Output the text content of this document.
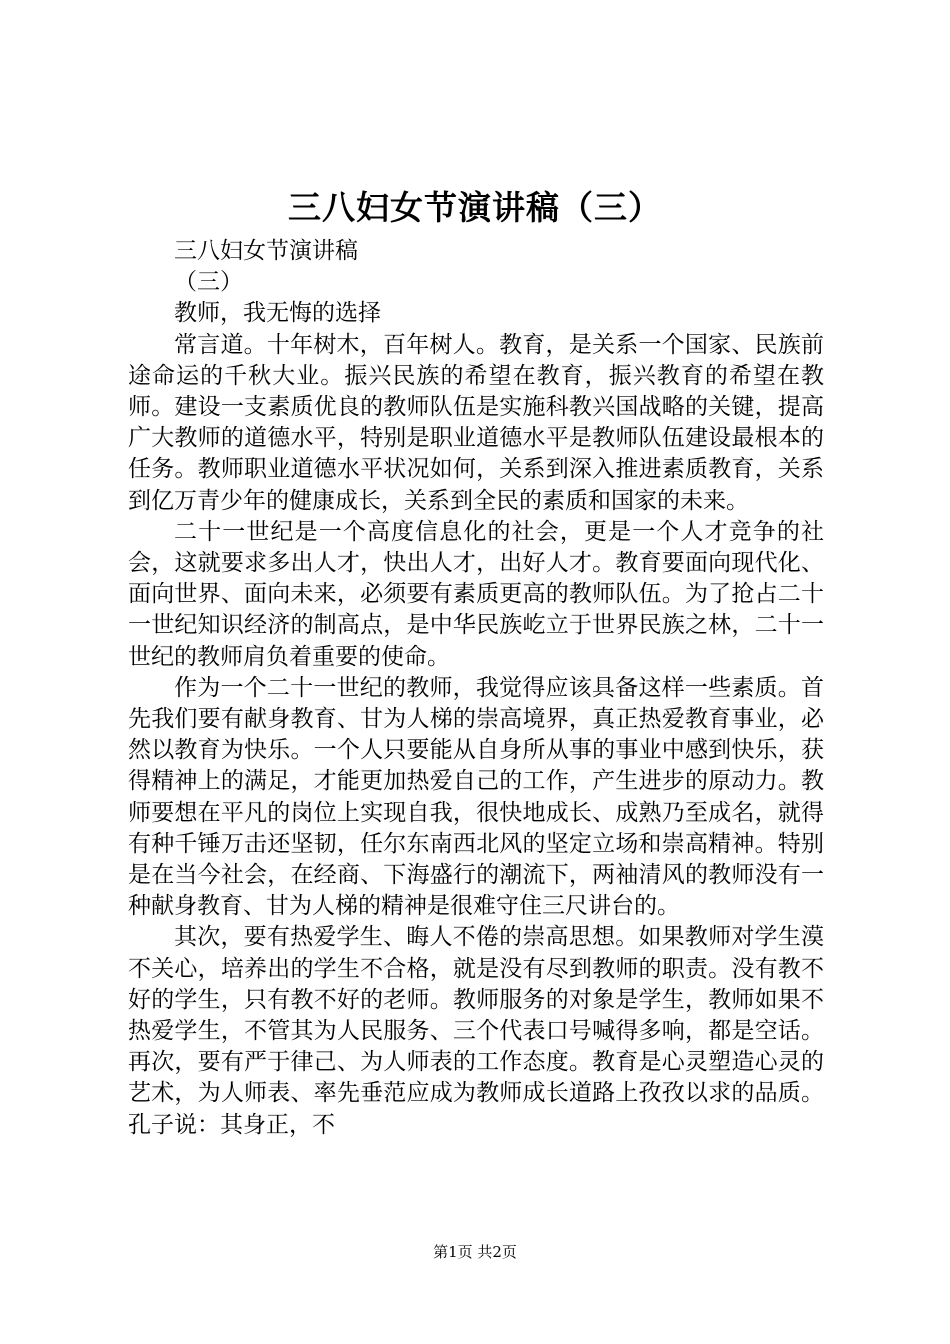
三八妇女节演讲稿（三）

三八妇女节演讲稿

（三）

教师，我无悔的选择

常言道。十年树木，百年树人。教育，是关系一个国家、民族前途命运的千秋大业。振兴民族的希望在教育，振兴教育的希望在教师。建设一支素质优良的教师队伍是实施科教兴国战略的关键，提高广大教师的道德水平，特别是职业道德水平是教师队伍建设最根本的任务。教师职业道德水平状况如何，关系到深入推进素质教育，关系到亿万青少年的健康成长，关系到全民的素质和国家的未来。

二十一世纪是一个高度信息化的社会，更是一个人才竞争的社会，这就要求多出人才，快出人才，出好人才。教育要面向现代化、面向世界、面向未来，必须要有素质更高的教师队伍。为了抢占二十一世纪知识经济的制高点，是中华民族屹立于世界民族之林，二十一世纪的教师肩负着重要的使命。

作为一个二十一世纪的教师，我觉得应该具备这样一些素质。首先我们要有献身教育、甘为人梯的崇高境界，真正热爱教育事业，必然以教育为快乐。一个人只要能从自身所从事的事业中感到快乐，获得精神上的满足，才能更加热爱自己的工作，产生进步的原动力。教师要想在平凡的岗位上实现自我，很快地成长、成熟乃至成名，就得有种千锤万击还坚韧，任尔东南西北风的坚定立场和崇高精神。特别是在当今社会，在经商、下海盛行的潮流下，两袖清风的教师没有一种献身教育、甘为人梯的精神是很难守住三尺讲台的。

其次，要有热爱学生、晦人不倦的崇高思想。如果教师对学生漠不关心，培养出的学生不合格，就是没有尽到教师的职责。没有教不好的学生，只有教不好的老师。教师服务的对象是学生，教师如果不热爱学生，不管其为人民服务、三个代表口号喊得多响，都是空话。再次，要有严于律己、为人师表的工作态度。教育是心灵塑造心灵的艺术，为人师表、率先垂范应成为教师成长道路上孜孜以求的品质。孔子说：其身正，不

第1页 共2页
